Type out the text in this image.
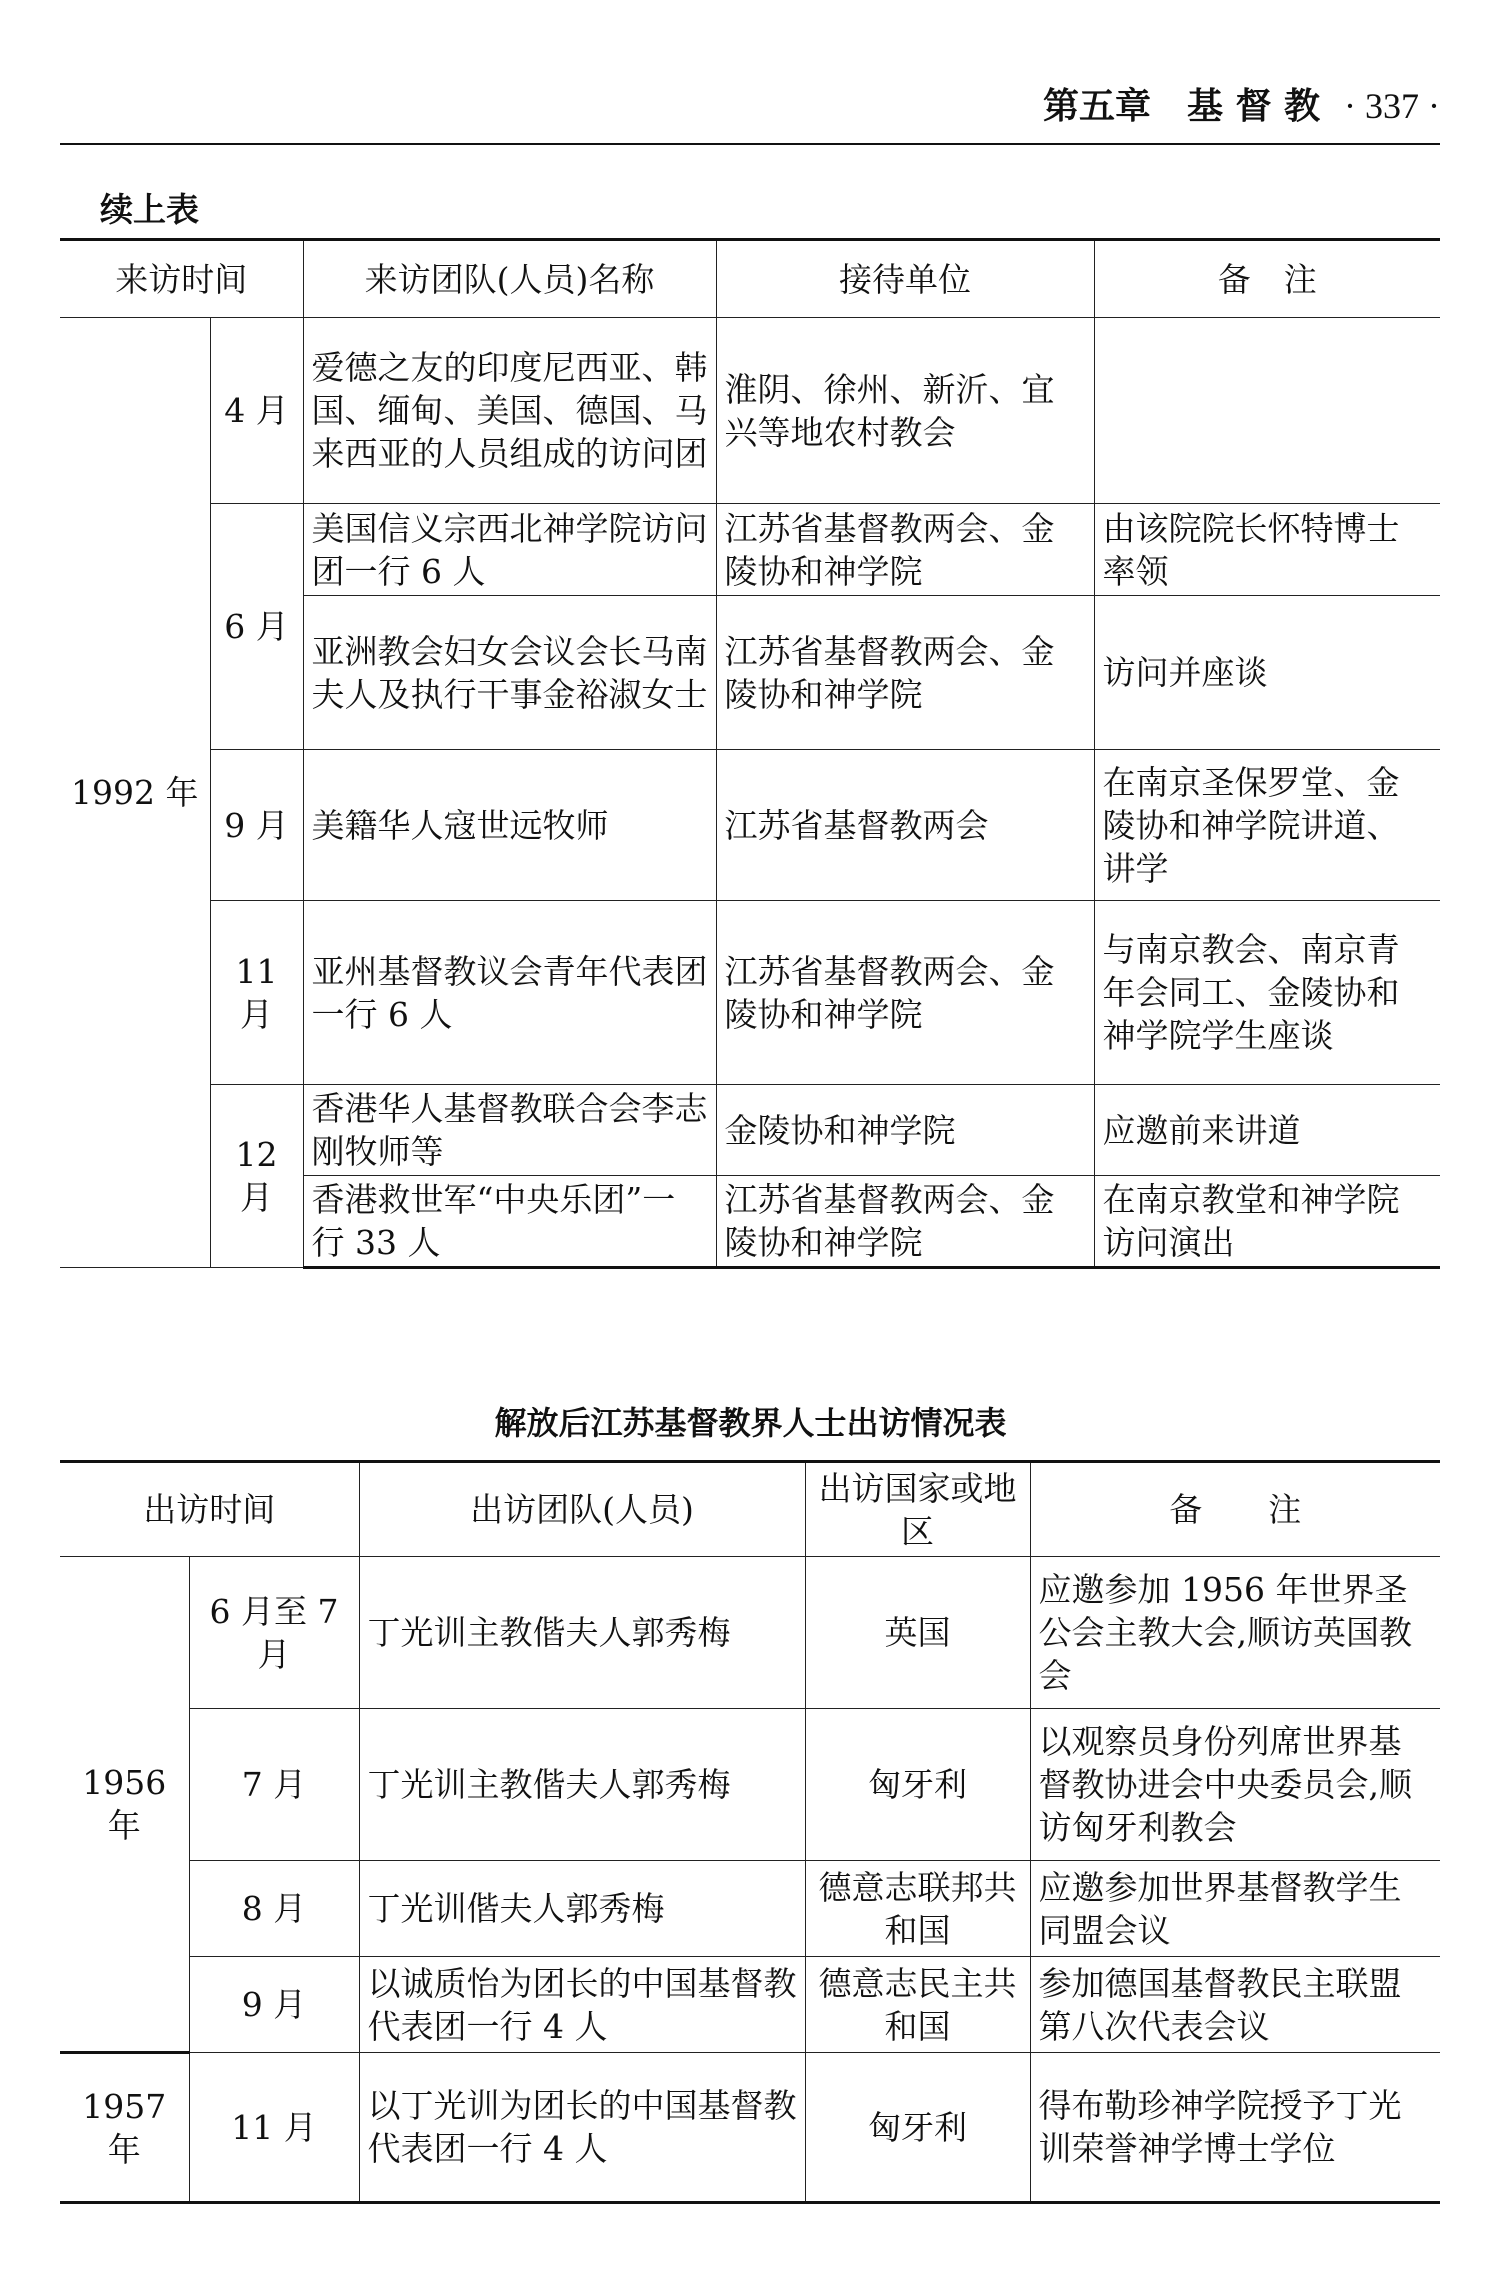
第五章　基 督 教 · 337 ·
续上表
来访时间		来访团队(人员)名称	接待单位	备　注
1992 年	4 月	爱德之友的印度尼西亚、韩国、缅甸、美国、德国、马来西亚的人员组成的访问团	淮阴、徐州、新沂、宜兴等地农村教会	
	6 月	美国信义宗西北神学院访问团一行 6 人	江苏省基督教两会、金陵协和神学院	由该院院长怀特博士率领
		亚洲教会妇女会议会长马南夫人及执行干事金裕淑女士	江苏省基督教两会、金陵协和神学院	访问并座谈
	9 月	美籍华人寇世远牧师	江苏省基督教两会	在南京圣保罗堂、金陵协和神学院讲道、讲学
	11 月	亚州基督教议会青年代表团一行 6 人	江苏省基督教两会、金陵协和神学院	与南京教会、南京青年会同工、金陵协和神学院学生座谈
	12 月	香港华人基督教联合会李志刚牧师等	金陵协和神学院	应邀前来讲道
		香港救世军“中央乐团”一行 33 人	江苏省基督教两会、金陵协和神学院	在南京教堂和神学院访问演出
解放后江苏基督教界人士出访情况表
出访时间		出访团队(人员)	出访国家或地区	备　　注
1956 年	6 月至 7 月	丁光训主教偕夫人郭秀梅	英国	应邀参加 1956 年世界圣公会主教大会,顺访英国教会
	7 月	丁光训主教偕夫人郭秀梅	匈牙利	以观察员身份列席世界基督教协进会中央委员会,顺访匈牙利教会
	8 月	丁光训偕夫人郭秀梅	德意志联邦共和国	应邀参加世界基督教学生同盟会议
	9 月	以诚质怡为团长的中国基督教代表团一行 4 人	德意志民主共和国	参加德国基督教民主联盟第八次代表会议
1957 年	11 月	以丁光训为团长的中国基督教代表团一行 4 人	匈牙利	得布勒珍神学院授予丁光训荣誉神学博士学位
